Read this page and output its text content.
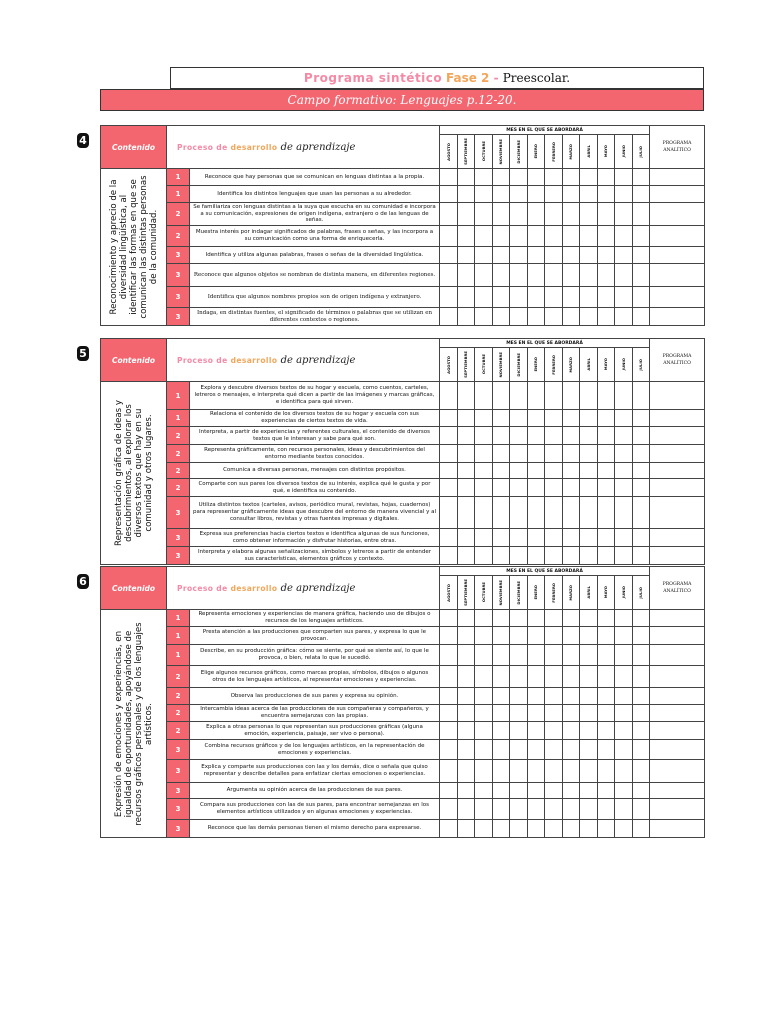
Programa sintético Fase 2 - Preescolar.
Campo formativo: Lenguajes p.12-20.
4	Contenido	Proceso de desarrollo de aprendizaje		MES EN EL QUE SE ABORDARÁ												PROGRAMA ANALÍTICO

			AGOSTO	SEPTIEMBRE	OCTUBRE	NOVIEMBRE	DICIEMBRE	ENERO	FEBRERO	MARZO	ABRIL	MAYO	JUNIO	JULIO	

Reconocimiento y aprecio de la diversidad lingüística, al identificar las formas en que se comunican las distintas personas de la comunidad.	1	Reconoce que hay personas que se comunican en lenguas distintas a la propia.													
	1	Identifica los distintos lenguajes que usan las personas a su alrededor.													
	2	Se familiariza con lenguas distintas a la suya que escucha en su comunidad e incorpora a su comunicación, expresiones de origen indígena, extranjero o de las lenguas de señas.													
	2	Muestra interés por indagar significados de palabras, frases o señas, y las incorpora a su comunicación como una forma de enriquecerla.													
	3	Identifica y utiliza algunas palabras, frases o señas de la diversidad lingüística.													
	3	Reconoce que algunos objetos se nombran de distinta manera, en diferentes regiones.													
	3	Identifica que algunos nombres propios son de origen indígena y extranjero.													
	3	Indaga, en distintas fuentes, el significado de términos o palabras que se utilizan en diferentes contextos o regiones.													
5	Contenido	Proceso de desarrollo de aprendizaje		MES EN EL QUE SE ABORDARÁ												PROGRAMA ANALÍTICO

			AGOSTO	SEPTIEMBRE	OCTUBRE	NOVIEMBRE	DICIEMBRE	ENERO	FEBRERO	MARZO	ABRIL	MAYO	JUNIO	JULIO	

Representación gráfica de ideas y descubrimientos, al explorar los diversos textos que hay en su comunidad y otros lugares.	1	Explora y descubre diversos textos de su hogar y escuela, como cuentos, carteles, letreros o mensajes, e interpreta qué dicen a partir de las imágenes y marcas gráficas, e identifica para qué sirven.													
	1	Relaciona el contenido de los diversos textos de su hogar y escuela con sus experiencias de ciertos textos de vida.													
	2	Interpreta, a partir de experiencias y referentes culturales, el contenido de diversos textos que le interesan y sabe para qué son.													
	2	Representa gráficamente, con recursos personales, ideas y descubrimientos del entorno mediante textos conocidos.													
	2	Comunica a diversas personas, mensajes con distintos propósitos.													
	2	Comparte con sus pares los diversos textos de su interés, explica qué le gusta y por qué, e identifica su contenido.													
	3	Utiliza distintos textos (carteles, avisos, periódico mural, revistas, hojas, cuadernos) para representar gráficamente ideas que descubre del entorno de manera vivencial y al consultar libros, revistas y otras fuentes impresas y digitales.													
	3	Expresa sus preferencias hacia ciertos textos e identifica algunas de sus funciones, como obtener información y disfrutar historias, entre otras.													
	3	Interpreta y elabora algunas señalizaciones, símbolos y letreros a partir de entender sus características, elementos gráficos y contexto.													
6	Contenido	Proceso de desarrollo de aprendizaje		MES EN EL QUE SE ABORDARÁ												PROGRAMA ANALÍTICO

			AGOSTO	SEPTIEMBRE	OCTUBRE	NOVIEMBRE	DICIEMBRE	ENERO	FEBRERO	MARZO	ABRIL	MAYO	JUNIO	JULIO	

Expresión de emociones y experiencias, en igualdad de oportunidades, apoyándose de recursos gráficos personales y de los lenguajes artísticos.	1	Representa emociones y experiencias de manera gráfica, haciendo uso de dibujos o recursos de los lenguajes artísticos.													
	1	Presta atención a las producciones que comparten sus pares, y expresa lo que le provocan.													
	1	Describe, en su producción gráfica: cómo se siente, por qué se siente así, lo que le provoca, o bien, relata lo que le sucedió.													
	2	Elige algunos recursos gráficos, como marcas propias, símbolos, dibujos o algunos otros de los lenguajes artísticos, al representar emociones y experiencias.													
	2	Observa las producciones de sus pares y expresa su opinión.													
	2	Intercambia ideas acerca de las producciones de sus compañeras y compañeros, y encuentra semejanzas con las propias.													
	2	Explica a otras personas lo que representan sus producciones gráficas (alguna emoción, experiencia, paisaje, ser vivo o persona).													
	3	Combina recursos gráficos y de los lenguajes artísticos, en la representación de emociones y experiencias.													
	3	Explica y comparte sus producciones con las y los demás, dice o señala que quiso representar y describe detalles para enfatizar ciertas emociones o experiencias.													
	3	Argumenta su opinión acerca de las producciones de sus pares.													
	3	Compara sus producciones con las de sus pares, para encontrar semejanzas en los elementos artísticos utilizados y en algunas emociones y experiencias.													
	3	Reconoce que las demás personas tienen el mismo derecho para expresarse.													
